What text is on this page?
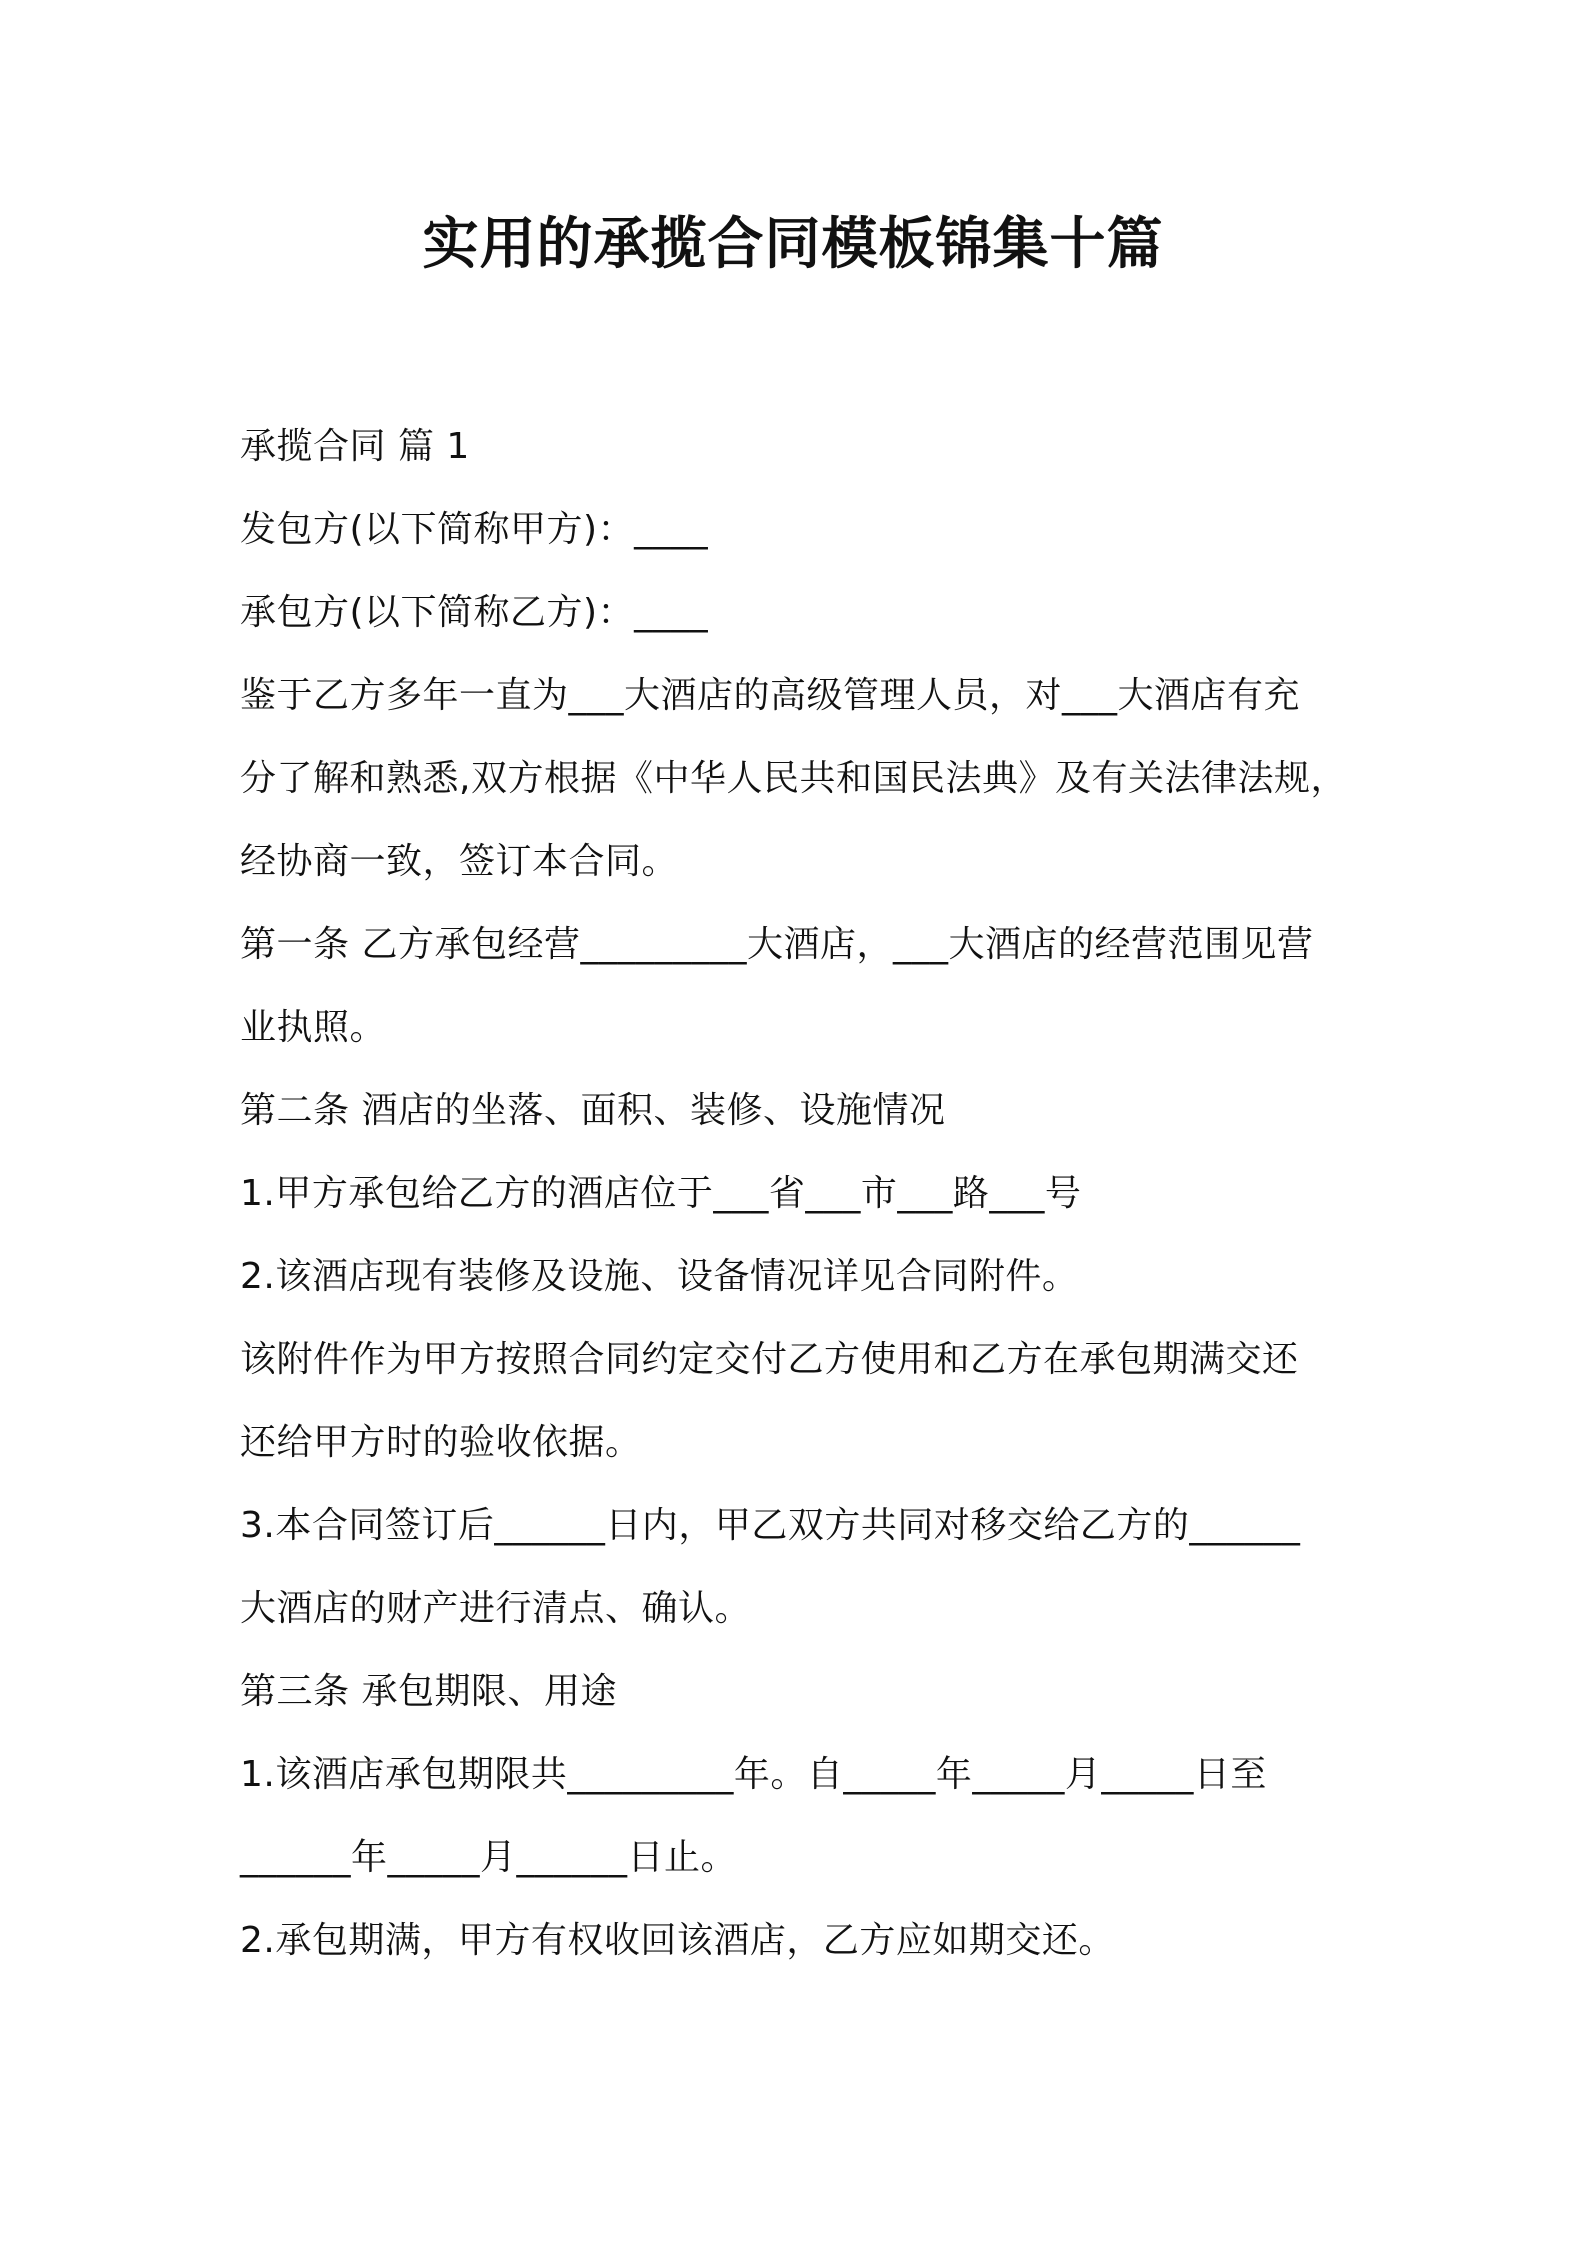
实用的承揽合同模板锦集十篇

承揽合同 篇 1

发包方(以下简称甲方)：____

承包方(以下简称乙方)：____

鉴于乙方多年一直为___大酒店的高级管理人员，对___大酒店有充

分了解和熟悉,双方根据《中华人民共和国民法典》及有关法律法规，

经协商一致，签订本合同。

第一条 乙方承包经营_________大酒店，___大酒店的经营范围见营

业执照。

第二条 酒店的坐落、面积、装修、设施情况

1.甲方承包给乙方的酒店位于___省___市___路___号

2.该酒店现有装修及设施、设备情况详见合同附件。

该附件作为甲方按照合同约定交付乙方使用和乙方在承包期满交还

还给甲方时的验收依据。

3.本合同签订后______日内，甲乙双方共同对移交给乙方的______

大酒店的财产进行清点、确认。

第三条 承包期限、用途

1.该酒店承包期限共_________年。自_____年_____月_____日至

______年_____月______日止。

2.承包期满，甲方有权收回该酒店，乙方应如期交还。
